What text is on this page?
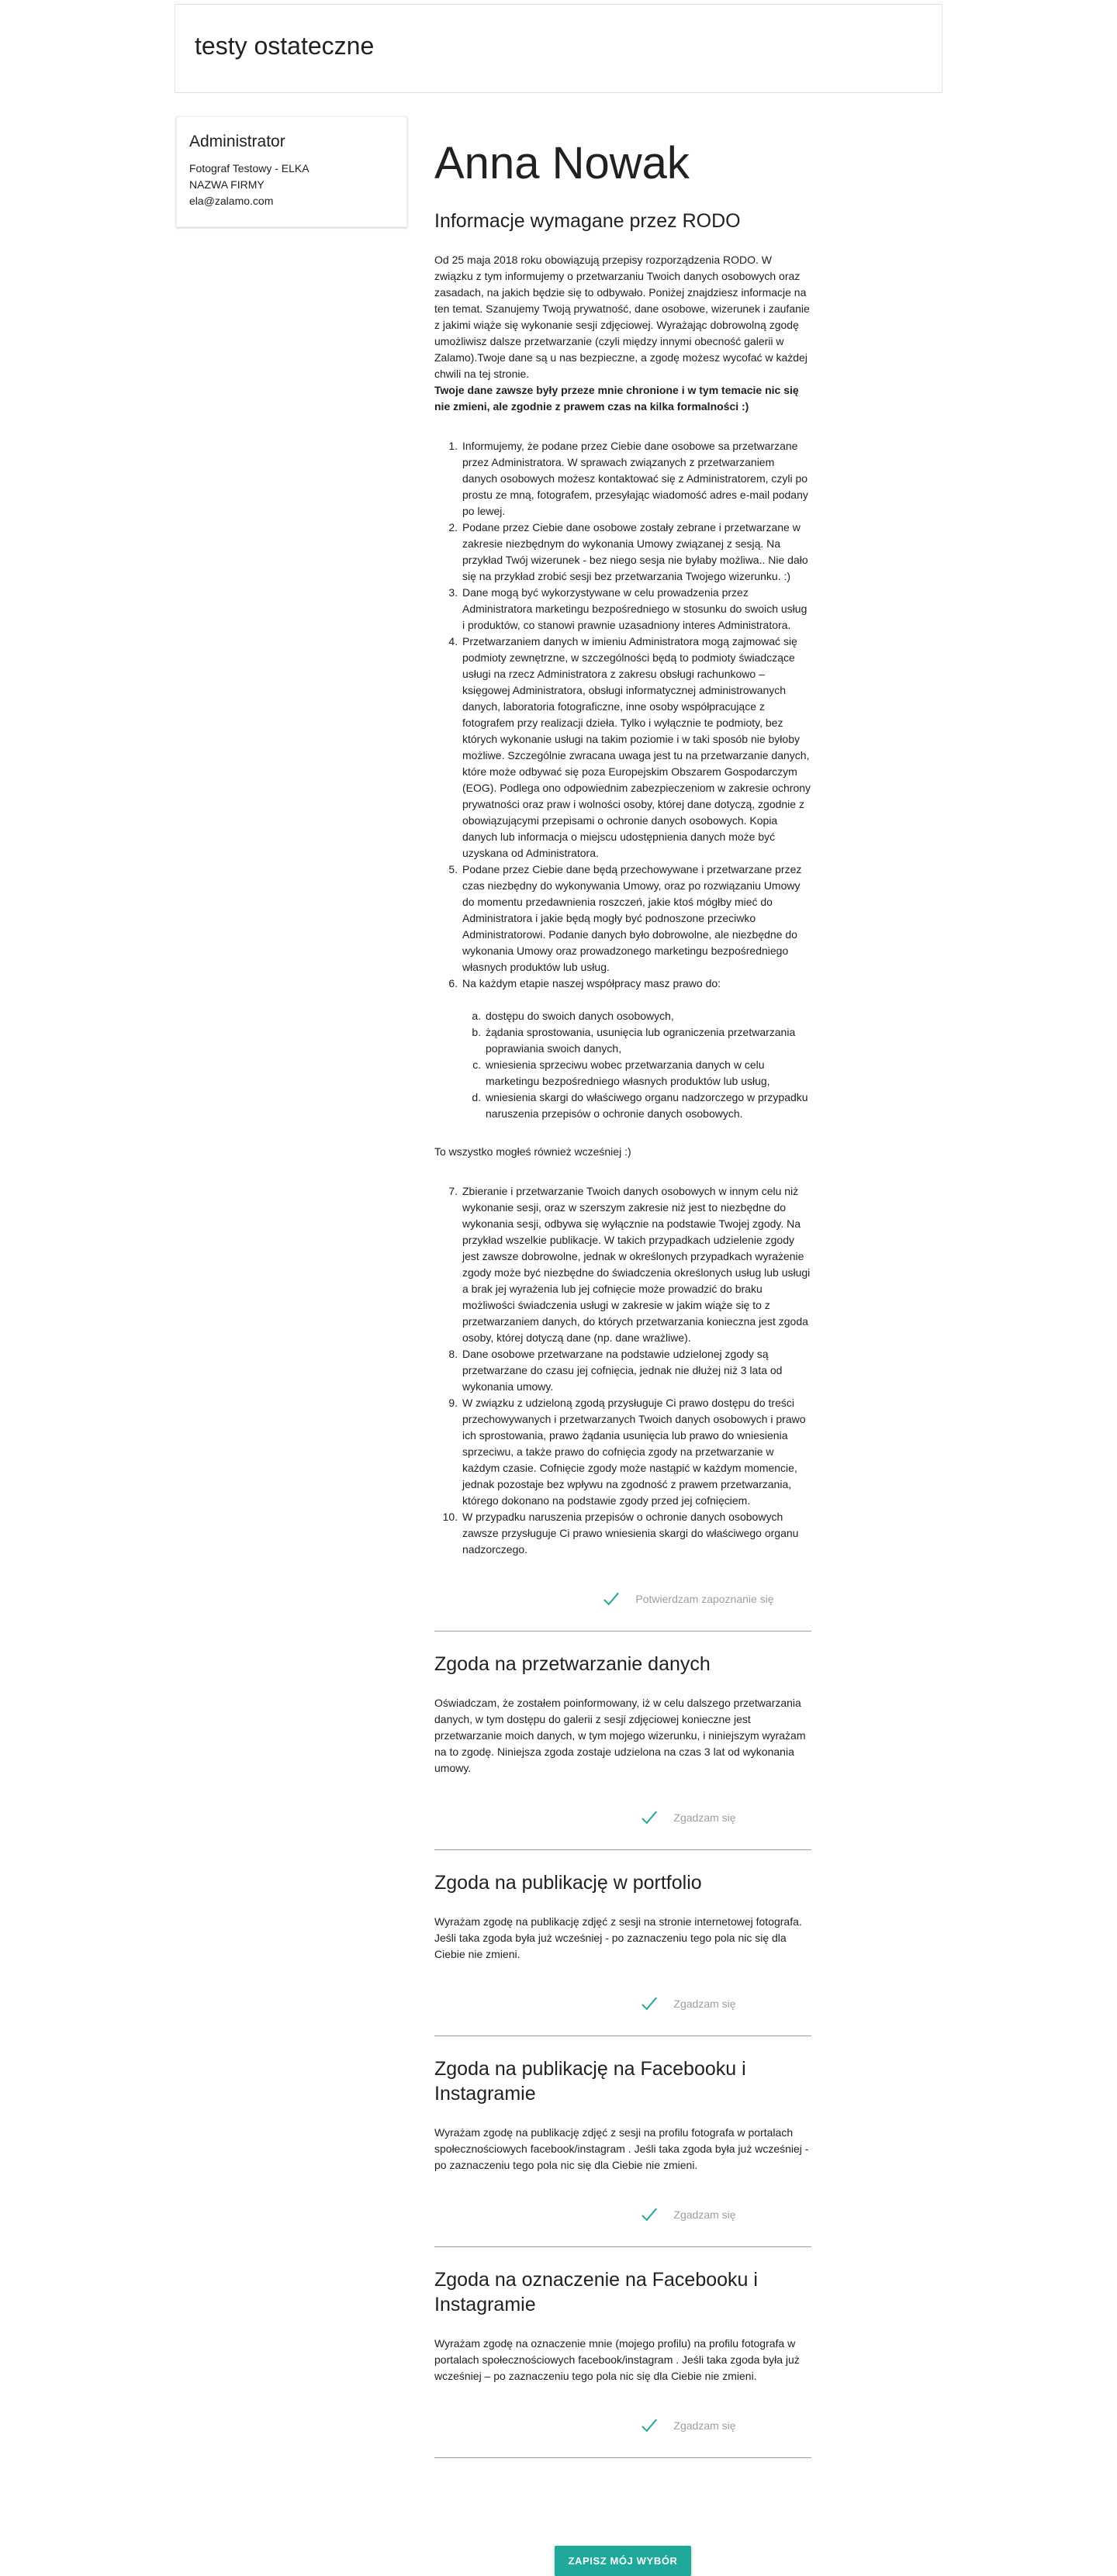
testy ostateczne
Administrator
Fotograf Testowy - ELKA
NAZWA FIRMY
ela@zalamo.com
Anna Nowak
Informacje wymagane przez RODO

Od 25 maja 2018 roku obowiązują przepisy rozporządzenia RODO. W związku z tym informujemy o przetwarzaniu Twoich danych osobowych oraz zasadach, na jakich będzie się to odbywało. Poniżej znajdziesz informacje na ten temat. Szanujemy Twoją prywatność, dane osobowe, wizerunek i zaufanie z jakimi wiąże się wykonanie sesji zdjęciowej. Wyrażając dobrowolną zgodę umożliwisz dalsze przetwarzanie (czyli między innymi obecność galerii w Zalamo).Twoje dane są u nas bezpieczne, a zgodę możesz wycofać w każdej chwili na tej stronie.

Twoje dane zawsze były przeze mnie chronione i w tym temacie nic się nie zmieni, ale zgodnie z prawem czas na kilka formalności :)

1. Informujemy, że podane przez Ciebie dane osobowe sa przetwarzane przez Administratora. W sprawach związanych z przetwarzaniem danych osobowych możesz kontaktować się z Administratorem, czyli po prostu ze mną, fotografem, przesyłając wiadomość adres e-mail podany po lewej.
2. Podane przez Ciebie dane osobowe zostały zebrane i przetwarzane w zakresie niezbędnym do wykonania Umowy związanej z sesją. Na przykład Twój wizerunek - bez niego sesja nie byłaby możliwa.. Nie dało się na przykład zrobić sesji bez przetwarzania Twojego wizerunku. :)
3. Dane mogą być wykorzystywane w celu prowadzenia przez Administratora marketingu bezpośredniego w stosunku do swoich usług i produktów, co stanowi prawnie uzasadniony interes Administratora.
4. Przetwarzaniem danych w imieniu Administratora mogą zajmować się podmioty zewnętrzne, w szczególności będą to podmioty świadczące usługi na rzecz Administratora z zakresu obsługi rachunkowo – księgowej Administratora, obsługi informatycznej administrowanych danych, laboratoria fotograficzne, inne osoby współpracujące z fotografem przy realizacji dzieła. Tylko i wyłącznie te podmioty, bez których wykonanie usługi na takim poziomie i w taki sposób nie byłoby możliwe. Szczególnie zwracana uwaga jest tu na przetwarzanie danych, które może odbywać się poza Europejskim Obszarem Gospodarczym (EOG). Podlega ono odpowiednim zabezpieczeniom w zakresie ochrony prywatności oraz praw i wolności osoby, której dane dotyczą, zgodnie z obowiązującymi przepisami o ochronie danych osobowych. Kopia danych lub informacja o miejscu udostępnienia danych może być uzyskana od Administratora.
5. Podane przez Ciebie dane będą przechowywane i przetwarzane przez czas niezbędny do wykonywania Umowy, oraz po rozwiązaniu Umowy do momentu przedawnienia roszczeń, jakie ktoś mógłby mieć do Administratora i jakie będą mogły być podnoszone przeciwko Administratorowi. Podanie danych było dobrowolne, ale niezbędne do wykonania Umowy oraz prowadzonego marketingu bezpośredniego własnych produktów lub usług.
6. Na każdym etapie naszej współpracy masz prawo do:
a. dostępu do swoich danych osobowych,
b. żądania sprostowania, usunięcia lub ograniczenia przetwarzania poprawiania swoich danych,
c. wniesienia sprzeciwu wobec przetwarzania danych w celu marketingu bezpośredniego własnych produktów lub usług,
d. wniesienia skargi do właściwego organu nadzorczego w przypadku naruszenia przepisów o ochronie danych osobowych.

To wszystko mogłeś również wcześniej :)

7. Zbieranie i przetwarzanie Twoich danych osobowych w innym celu niż wykonanie sesji, oraz w szerszym zakresie niż jest to niezbędne do wykonania sesji, odbywa się wyłącznie na podstawie Twojej zgody. Na przykład wszelkie publikacje. W takich przypadkach udzielenie zgody jest zawsze dobrowolne, jednak w określonych przypadkach wyrażenie zgody może być niezbędne do świadczenia określonych usług lub usługi a brak jej wyrażenia lub jej cofnięcie może prowadzić do braku możliwości świadczenia usługi w zakresie w jakim wiąże się to z przetwarzaniem danych, do których przetwarzania konieczna jest zgoda osoby, której dotyczą dane (np. dane wrażliwe).
8. Dane osobowe przetwarzane na podstawie udzielonej zgody są przetwarzane do czasu jej cofnięcia, jednak nie dłużej niż 3 lata od wykonania umowy.
9. W związku z udzieloną zgodą przysługuje Ci prawo dostępu do treści przechowywanych i przetwarzanych Twoich danych osobowych i prawo ich sprostowania, prawo żądania usunięcia lub prawo do wniesienia sprzeciwu, a także prawo do cofnięcia zgody na przetwarzanie w każdym czasie. Cofnięcie zgody może nastąpić w każdym momencie, jednak pozostaje bez wpływu na zgodność z prawem przetwarzania, którego dokonano na podstawie zgody przed jej cofnięciem.
10. W przypadku naruszenia przepisów o ochronie danych osobowych zawsze przysługuje Ci prawo wniesienia skargi do właściwego organu nadzorczego.
Potwierdzam zapoznanie się
Zgoda na przetwarzanie danych

Oświadczam, że zostałem poinformowany, iż w celu dalszego przetwarzania danych, w tym dostępu do galerii z sesji zdjęciowej konieczne jest przetwarzanie moich danych, w tym mojego wizerunku, i niniejszym wyrażam na to zgodę. Niniejsza zgoda zostaje udzielona na czas 3 lat od wykonania umowy.

Zgadzam się
Zgoda na publikację w portfolio

Wyrażam zgodę na publikację zdjęć z sesji na stronie internetowej fotografa. Jeśli taka zgoda była już wcześniej - po zaznaczeniu tego pola nic się dla Ciebie nie zmieni.

Zgadzam się
Zgoda na publikację na Facebooku i Instagramie

Wyrażam zgodę na publikację zdjęć z sesji na profilu fotografa w portalach społecznościowych facebook/instagram . Jeśli taka zgoda była już wcześniej - po zaznaczeniu tego pola nic się dla Ciebie nie zmieni.

Zgadzam się
Zgoda na oznaczenie na Facebooku i Instagramie

Wyrażam zgodę na oznaczenie mnie (mojego profilu) na profilu fotografa w portalach społecznościowych facebook/instagram . Jeśli taka zgoda była już wcześniej – po zaznaczeniu tego pola nic się dla Ciebie nie zmieni.

Zgadzam się
ZAPISZ MÓJ WYBÓR
